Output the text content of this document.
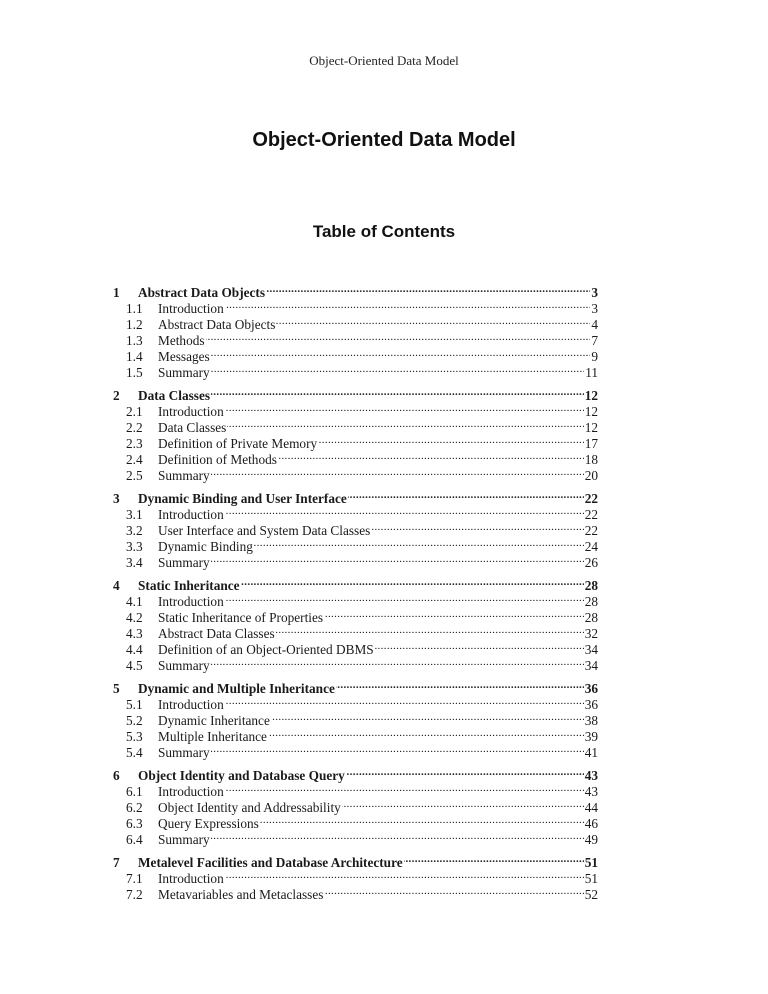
Object-Oriented Data Model
Object-Oriented Data Model
Table of Contents
1	Abstract Data Objects . . .	3
1.1	Introduction . . .	3
1.2	Abstract Data Objects . . .	4
1.3	Methods . . .	7
1.4	Messages . . .	9
1.5	Summary . . .	11
2	Data Classes . . .	12
2.1	Introduction . . .	12
2.2	Data Classes . . .	12
2.3	Definition of Private Memory . . .	17
2.4	Definition of Methods . . .	18
2.5	Summary . . .	20
3	Dynamic Binding and User Interface . . .	22
3.1	Introduction . . .	22
3.2	User Interface and System Data Classes . . .	22
3.3	Dynamic Binding . . .	24
3.4	Summary . . .	26
4	Static Inheritance . . .	28
4.1	Introduction . . .	28
4.2	Static Inheritance of Properties . . .	28
4.3	Abstract Data Classes . . .	32
4.4	Definition of an Object-Oriented DBMS . . .	34
4.5	Summary . . .	34
5	Dynamic and Multiple Inheritance . . .	36
5.1	Introduction . . .	36
5.2	Dynamic Inheritance . . .	38
5.3	Multiple Inheritance . . .	39
5.4	Summary . . .	41
6	Object Identity and Database Query . . .	43
6.1	Introduction . . .	43
6.2	Object Identity and Addressability . . .	44
6.3	Query Expressions . . .	46
6.4	Summary . . .	49
7	Metalevel Facilities and Database Architecture . . .	51
7.1	Introduction . . .	51
7.2	Metavariables and Metaclasses . . .	52
